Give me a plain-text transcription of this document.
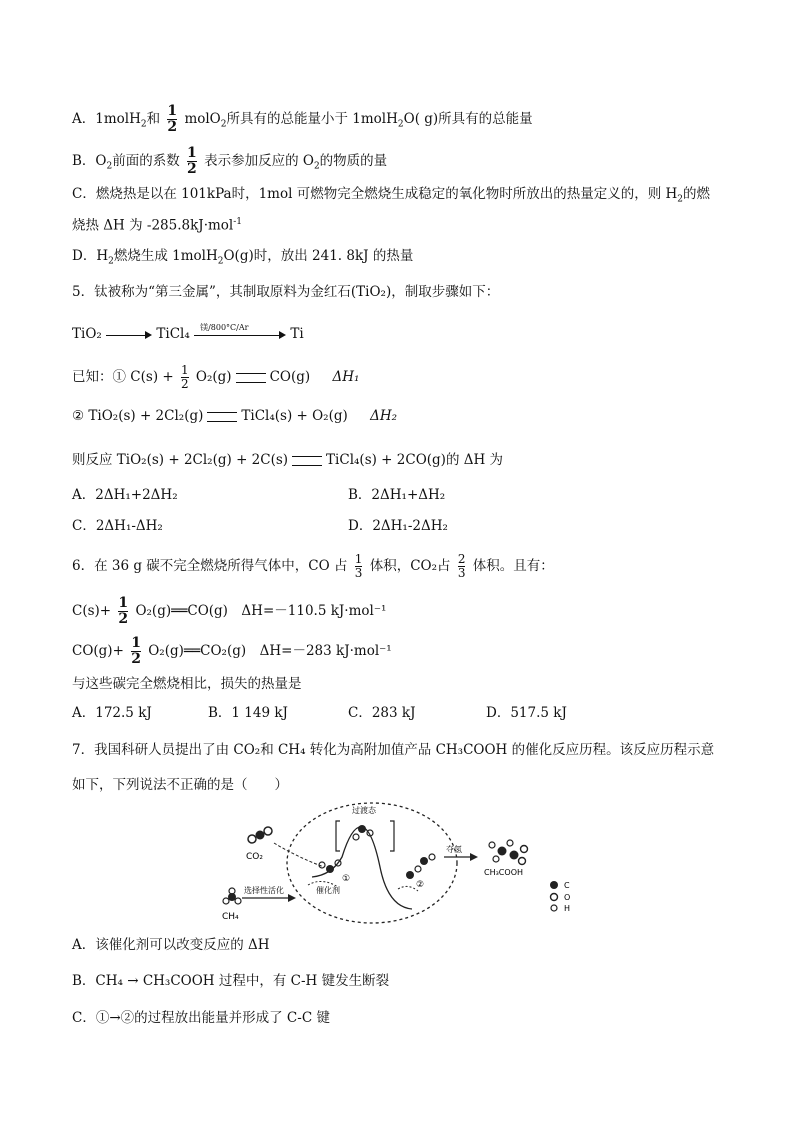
A．1molH$_2$和 $\frac{1}{2}$ molO$_2$所具有的总能量小于 1molH$_2$O( g)所具有的总能量
B．$O_2$前面的系数 $\frac{1}{2}$ 表示参加反应的 $O_2$的物质的量
C．燃烧热是以在 101kPa时，1mol 可燃物完全燃烧生成稳定的氧化物时所放出的热量定义的，则 $H_2$的燃
烧热 ΔH 为 -285.8kJ·mol$^{-1}$
D．$H_2$燃烧生成 1molH$_2$O(g)时，放出 241. 8kJ 的热量
5．钛被称为“第三金属”，其制取原料为金红石(TiO₂)，制取步骤如下：
TiO₂	TiCl₄ 镁/800°C/Ar	Ti
已知：① $C(s) + \frac{1}{2} O_2(g)$	CO(g) ΔH₁
② TiO₂(s) + 2Cl₂(g)	TiCl₄(s) + O₂(g) ΔH₂
则反应 TiO₂(s) + 2Cl₂(g) + 2C(s)	TiCl₄(s) + 2CO(g)的 ΔH 为
A．2ΔH₁+2ΔH₂	B．2ΔH₁+ΔH₂
C．2ΔH₁-ΔH₂	D．2ΔH₁-2ΔH₂
6．在 36 g 碳不完全燃烧所得气体中，CO 占 $\frac{1}{3}$ 体积，CO₂占 $\frac{2}{3}$ 体积。且有：
$C(s)+ \frac{1}{2}$ O₂(g)══CO(g)　ΔH=－110.5 kJ·mol⁻¹
$CO(g)+ \frac{1}{2}$ O₂(g)══CO₂(g)　ΔH=－283 kJ·mol⁻¹
与这些碳完全燃烧相比，损失的热量是
A．172.5 kJ	B．1 149 kJ	C．283 kJ	D．517.5 kJ
7．我国科研人员提出了由 CO₂和 CH₄ 转化为高附加值产品 CH₃COOH 的催化反应历程。该反应历程示意
如下，下列说法不正确的是（　　）
CO₂
CH₄
选择性活化
过渡态
①
催化剂
②
夺氢
CH₃COOH
C
O
H
A．该催化剂可以改变反应的 ΔH
B．CH₄ → CH₃COOH 过程中，有 C-H 键发生断裂
C．①→②的过程放出能量并形成了 C-C 键
